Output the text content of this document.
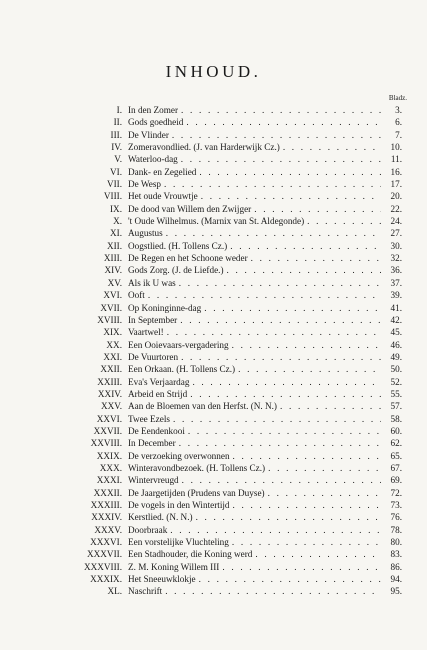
INHOUD.
Bladz.
I. In den Zomer . . .	3.
II. Gods goedheid . . .	6.
III. De Vlinder . . .	7.
IV. Zomeravondlied. (J. van Harderwijk Cz.) . . .	10.
V. Waterloo-dag . . .	11.
VI. Dank- en Zegelied . . .	16.
VII. De Wesp . . .	17.
VIII. Het oude Vrouwtje . . .	20.
IX. De dood van Willem den Zwijger . . .	22.
X. 't Oude Wilhelmus. (Marnix van St. Aldegonde) . . .	24.
XI. Augustus . . .	27.
XII. Oogstlied. (H. Tollens Cz.) . . .	30.
XIII. De Regen en het Schoone weder . . .	32.
XIV. Gods Zorg. (J. de Liefde.) . . .	36.
XV. Als ik U was . . .	37.
XVI. Ooft . . .	39.
XVII. Op Koninginne-dag . . .	41.
XVIII. In September . . .	42.
XIX. Vaartwel! . . .	45.
XX. Een Ooievaars-vergadering . . .	46.
XXI. De Vuurtoren . . .	49.
XXII. Een Orkaan. (H. Tollens Cz.) . . .	50.
XXIII. Eva's Verjaardag . . .	52.
XXIV. Arbeid en Strijd . . .	55.
XXV. Aan de Bloemen van den Herfst. (N. N.) . . .	57.
XXVI. Twee Ezels . . .	58.
XXVII. De Eendenkooi . . .	60.
XXVIII. In December . . .	62.
XXIX. De verzoeking overwonnen . . .	65.
XXX. Winteravondbezoek. (H. Tollens Cz.) . . .	67.
XXXI. Wintervreugd . . .	69.
XXXII. De Jaargetijden (Prudens van Duyse) . . .	72.
XXXIII. De vogels in den Wintertijd . . .	73.
XXXIV. Kerstlied. (N. N.) . . .	76.
XXXV. Doorbraak . . .	78.
XXXVI. Een vorstelijke Vluchteling . . .	80.
XXXVII. Een Stadhouder, die Koning werd . . .	83.
XXXVIII. Z. M. Koning Willem III . . .	86.
XXXIX. Het Sneeuwklokje . . .	94.
XL. Naschrift . . .	95.
